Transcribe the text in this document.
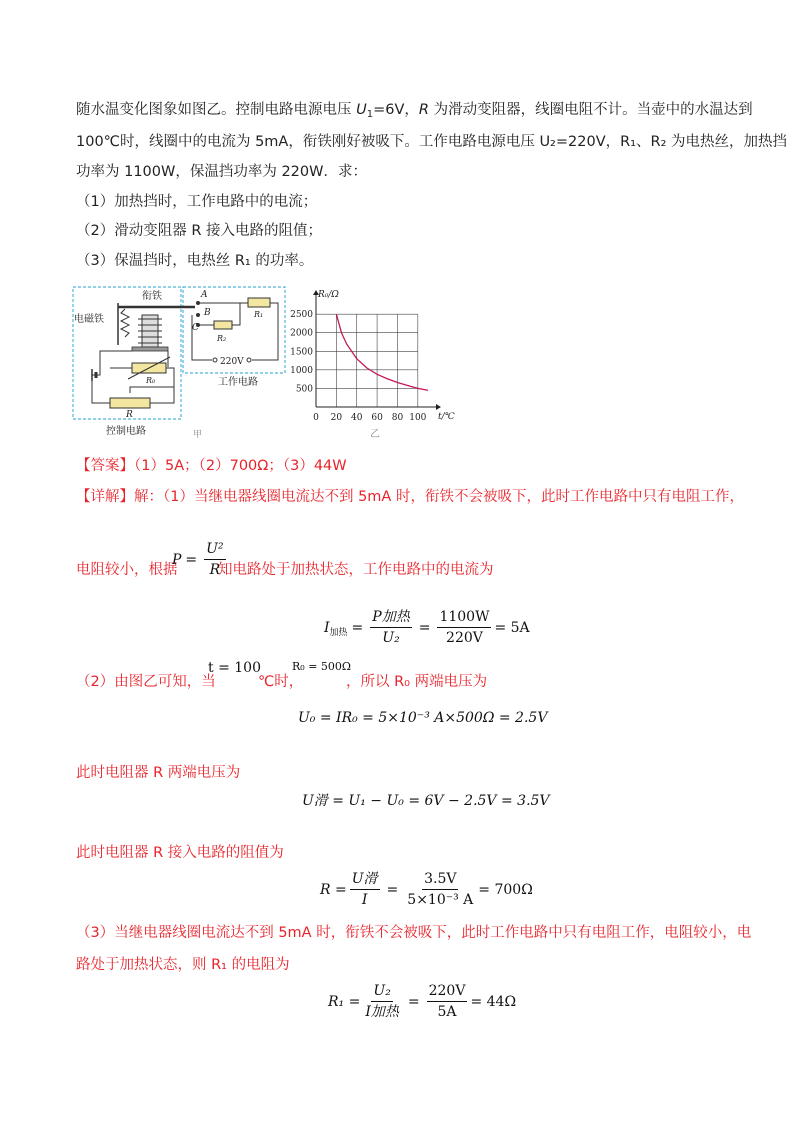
随水温变化图象如图乙。控制电路电源电压 $U_1=6V$，R 为滑动变阻器，线圈电阻不计。当壶中的水温达到
100℃时，线圈中的电流为 5mA，衔铁刚好被吸下。工作电路电源电压 U₂=220V，R₁、R₂ 为电热丝，加热挡
功率为 1100W，保温挡功率为 220W．求：
（1）加热挡时，工作电路中的电流；
（2）滑动变阻器 R 接入电路的阻值；
（3）保温挡时，电热丝 R₁ 的功率。
电磁铁
衔铁	A
B
C
R₁
R₂
220V
R₀
R
工作电路
控制电路	甲
0 20 40 60 80 100
500
1000
1500
2000
2500
R₀/Ω
t/℃
乙
【答案】（1）5A；（2）700Ω；（3）44W
【详解】解：（1）当继电器线圈电流达不到 5mA 时，衔铁不会被吸下，此时工作电路中只有电阻工作，
电阻较小，根据
$P = \frac{\text{U²}}{R}$
知电路处于加热状态，工作电路中的电流为
I 加热 = $\frac{\text{P加热}}{\text{U₂}} = \frac{1100W}{220V} = 5A$
（2）由图乙可知，当
t = 100
℃时，
R₀ = 500Ω
，所以 R₀ 两端电压为
U₀ = IR₀ = 5×10⁻³ A×500Ω = 2.5V
此时电阻器 R 两端电压为
U滑 = U₁ − U₀ = 6V − 2.5V = 3.5V
此时电阻器 R 接入电路的阻值为
$R = \frac{\text{U滑}}{I} = \frac{3.5V}{\text{5×10⁻³ A}} = 700\Omega$
（3）当继电器线圈电流达不到 5mA 时，衔铁不会被吸下，此时工作电路中只有电阻工作，电阻较小，电
路处于加热状态，则 R₁ 的电阻为
$R_1 = \frac{\text{U₂}}{\text{I加热}} = \frac{220V}{5A} = 44\Omega$
